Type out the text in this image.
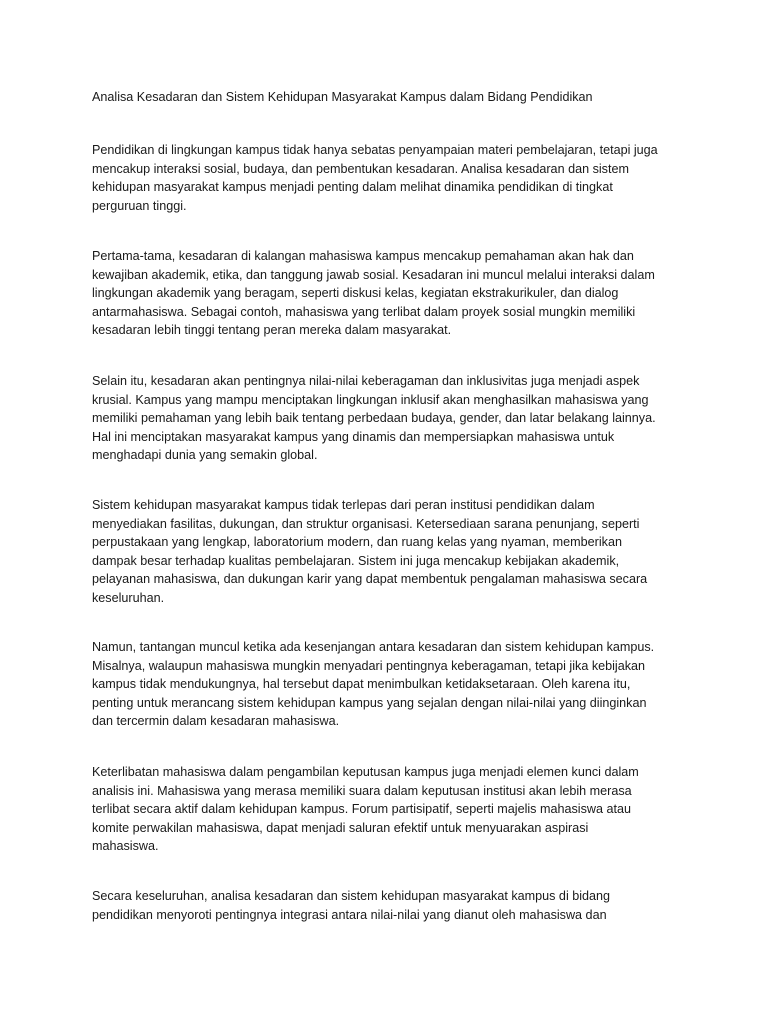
Analisa Kesadaran dan Sistem Kehidupan Masyarakat Kampus dalam Bidang Pendidikan

Pendidikan di lingkungan kampus tidak hanya sebatas penyampaian materi pembelajaran, tetapi juga
mencakup interaksi sosial, budaya, dan pembentukan kesadaran. Analisa kesadaran dan sistem
kehidupan masyarakat kampus menjadi penting dalam melihat dinamika pendidikan di tingkat
perguruan tinggi.

Pertama-tama, kesadaran di kalangan mahasiswa kampus mencakup pemahaman akan hak dan
kewajiban akademik, etika, dan tanggung jawab sosial. Kesadaran ini muncul melalui interaksi dalam
lingkungan akademik yang beragam, seperti diskusi kelas, kegiatan ekstrakurikuler, dan dialog
antarmahasiswa. Sebagai contoh, mahasiswa yang terlibat dalam proyek sosial mungkin memiliki
kesadaran lebih tinggi tentang peran mereka dalam masyarakat.

Selain itu, kesadaran akan pentingnya nilai-nilai keberagaman dan inklusivitas juga menjadi aspek
krusial. Kampus yang mampu menciptakan lingkungan inklusif akan menghasilkan mahasiswa yang
memiliki pemahaman yang lebih baik tentang perbedaan budaya, gender, dan latar belakang lainnya.
Hal ini menciptakan masyarakat kampus yang dinamis dan mempersiapkan mahasiswa untuk
menghadapi dunia yang semakin global.

Sistem kehidupan masyarakat kampus tidak terlepas dari peran institusi pendidikan dalam
menyediakan fasilitas, dukungan, dan struktur organisasi. Ketersediaan sarana penunjang, seperti
perpustakaan yang lengkap, laboratorium modern, dan ruang kelas yang nyaman, memberikan
dampak besar terhadap kualitas pembelajaran. Sistem ini juga mencakup kebijakan akademik,
pelayanan mahasiswa, dan dukungan karir yang dapat membentuk pengalaman mahasiswa secara
keseluruhan.

Namun, tantangan muncul ketika ada kesenjangan antara kesadaran dan sistem kehidupan kampus.
Misalnya, walaupun mahasiswa mungkin menyadari pentingnya keberagaman, tetapi jika kebijakan
kampus tidak mendukungnya, hal tersebut dapat menimbulkan ketidaksetaraan. Oleh karena itu,
penting untuk merancang sistem kehidupan kampus yang sejalan dengan nilai-nilai yang diinginkan
dan tercermin dalam kesadaran mahasiswa.

Keterlibatan mahasiswa dalam pengambilan keputusan kampus juga menjadi elemen kunci dalam
analisis ini. Mahasiswa yang merasa memiliki suara dalam keputusan institusi akan lebih merasa
terlibat secara aktif dalam kehidupan kampus. Forum partisipatif, seperti majelis mahasiswa atau
komite perwakilan mahasiswa, dapat menjadi saluran efektif untuk menyuarakan aspirasi
mahasiswa.

Secara keseluruhan, analisa kesadaran dan sistem kehidupan masyarakat kampus di bidang
pendidikan menyoroti pentingnya integrasi antara nilai-nilai yang dianut oleh mahasiswa dan
